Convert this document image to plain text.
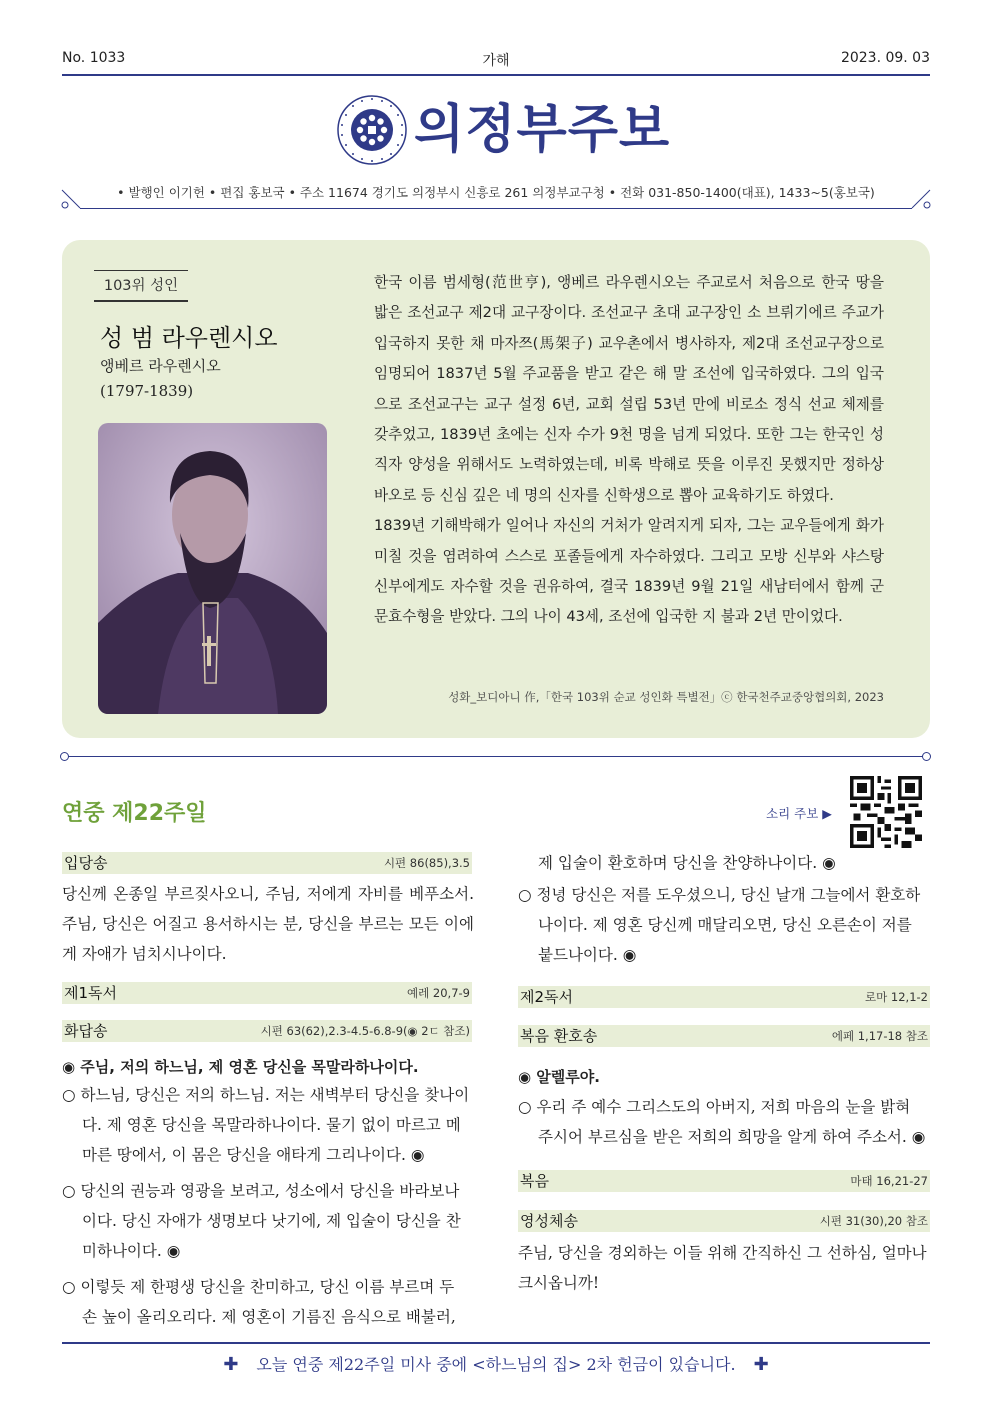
No. 1033	가해	2023. 09. 03
의정부주보
• 발행인 이기헌 • 편집 홍보국 • 주소 11674 경기도 의정부시 신흥로 261 의정부교구청 • 전화 031-850-1400(대표), 1433~5(홍보국)
103위 성인
성 범 라우렌시오
앵베르 라우렌시오
(1797-1839)

한국 이름 범세형(范世亨), 앵베르 라우렌시오는 주교로서 처음으로 한국 땅을 밟은 조선교구 제2대 교구장이다. 조선교구 초대 교구장인 소 브뤼기에르 주교가 입국하지 못한 채 마자쯔(馬架子) 교우촌에서 병사하자, 제2대 조선교구장으로 임명되어 1837년 5월 주교품을 받고 같은 해 말 조선에 입국하였다. 그의 입국으로 조선교구는 교구 설정 6년, 교회 설립 53년 만에 비로소 정식 선교 체제를 갖추었고, 1839년 초에는 신자 수가 9천 명을 넘게 되었다. 또한 그는 한국인 성직자 양성을 위해서도 노력하였는데, 비록 박해로 뜻을 이루진 못했지만 정하상 바오로 등 신심 깊은 네 명의 신자를 신학생으로 뽑아 교육하기도 하였다.

1839년 기해박해가 일어나 자신의 거처가 알려지게 되자, 그는 교우들에게 화가 미칠 것을 염려하여 스스로 포졸들에게 자수하였다. 그리고 모방 신부와 샤스탕 신부에게도 자수할 것을 권유하여, 결국 1839년 9월 21일 새남터에서 함께 군문효수형을 받았다. 그의 나이 43세, 조선에 입국한 지 불과 2년 만이었다.

성화_보디아니 作,「한국 103위 순교 성인화 특별전」ⓒ 한국천주교중앙협의회, 2023
연중 제22주일	소리 주보 ▶
입당송	시편 86(85),3.5
당신께 온종일 부르짖사오니, 주님, 저에게 자비를 베푸소서. 주님, 당신은 어질고 용서하시는 분, 당신을 부르는 모든 이에게 자애가 넘치시나이다.
제1독서	예레 20,7-9
화답송	시편 63(62),2.3-4.5-6.8-9(◉ 2ㄷ 참조)
◉ 주님, 저의 하느님, 제 영혼 당신을 목말라하나이다.

○ 하느님, 당신은 저의 하느님. 저는 새벽부터 당신을 찾나이다. 제 영혼 당신을 목말라하나이다. 물기 없이 마르고 메마른 땅에서, 이 몸은 당신을 애타게 그리나이다. ◉

○ 당신의 권능과 영광을 보려고, 성소에서 당신을 바라보나이다. 당신 자애가 생명보다 낫기에, 제 입술이 당신을 찬미하나이다. ◉

○ 이렇듯 제 한평생 당신을 찬미하고, 당신 이름 부르며 두 손 높이 올리오리다. 제 영혼이 기름진 음식으로 배불러,

제 입술이 환호하며 당신을 찬양하나이다. ◉

○ 정녕 당신은 저를 도우셨으니, 당신 날개 그늘에서 환호하나이다. 제 영혼 당신께 매달리오면, 당신 오른손이 저를 붙드나이다. ◉

제2독서	로마 12,1-2
복음 환호송	에페 1,17-18 참조
◉ 알렐루야.

○ 우리 주 예수 그리스도의 아버지, 저희 마음의 눈을 밝혀 주시어 부르심을 받은 저희의 희망을 알게 하여 주소서. ◉

복음	마태 16,21-27
영성체송	시편 31(30),20 참조
주님, 당신을 경외하는 이들 위해 간직하신 그 선하심, 얼마나 크시옵니까!
✚ 오늘 연중 제22주일 미사 중에 <하느님의 집> 2차 헌금이 있습니다. ✚
